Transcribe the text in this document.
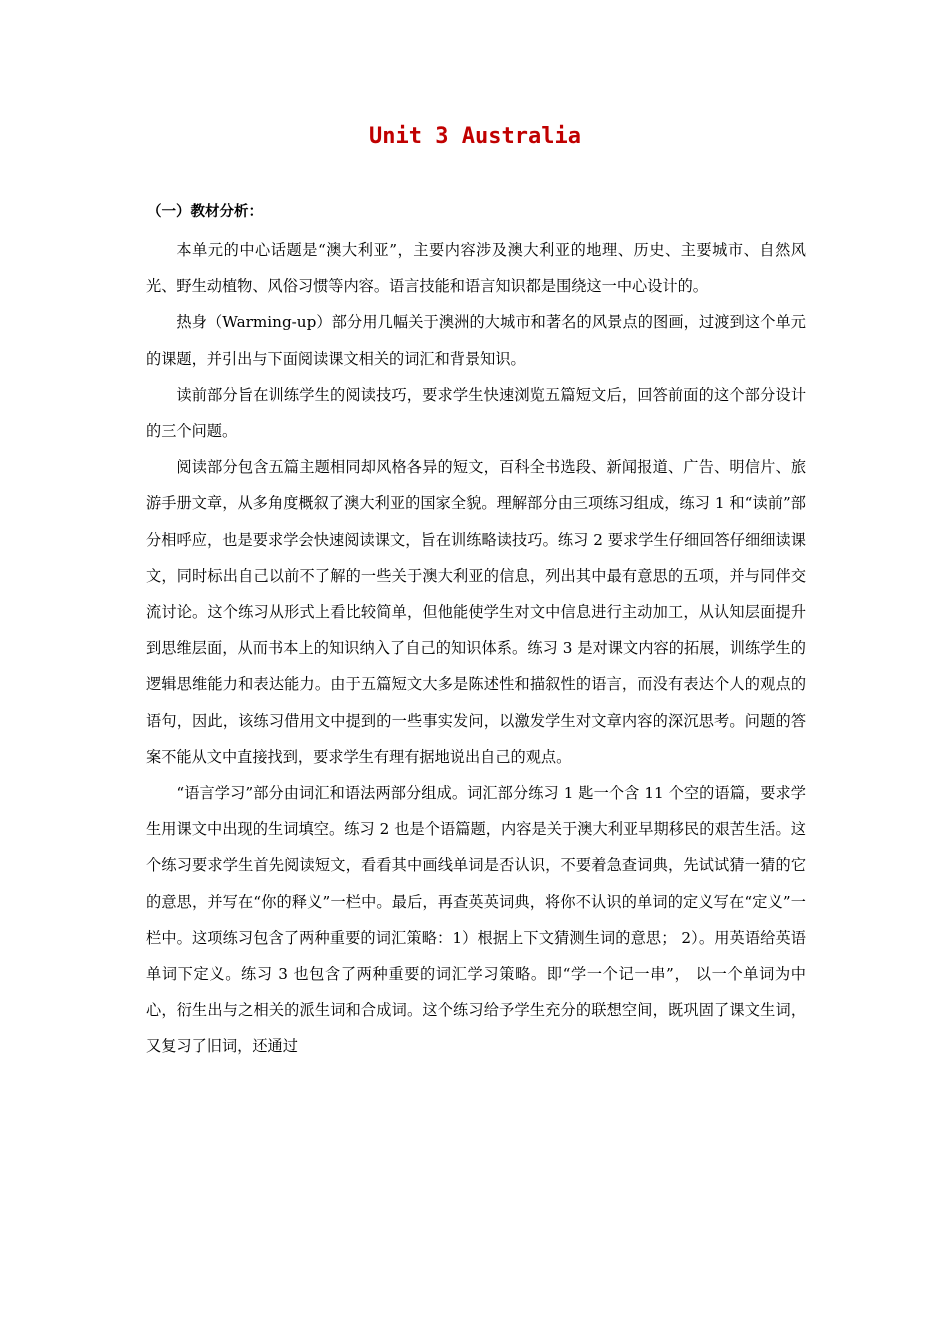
Unit 3 Australia
（一）教材分析：

本单元的中心话题是“澳大利亚”，主要内容涉及澳大利亚的地理、历史、主要城市、自然风光、野生动植物、风俗习惯等内容。语言技能和语言知识都是围绕这一中心设计的。

热身（Warming-up）部分用几幅关于澳洲的大城市和著名的风景点的图画，过渡到这个单元的课题，并引出与下面阅读课文相关的词汇和背景知识。

读前部分旨在训练学生的阅读技巧，要求学生快速浏览五篇短文后，回答前面的这个部分设计的三个问题。

阅读部分包含五篇主题相同却风格各异的短文，百科全书选段、新闻报道、广告、明信片、旅游手册文章，从多角度概叙了澳大利亚的国家全貌。理解部分由三项练习组成，练习 1 和“读前”部分相呼应，也是要求学会快速阅读课文，旨在训练略读技巧。练习 2 要求学生仔细回答仔细细读课文，同时标出自己以前不了解的一些关于澳大利亚的信息，列出其中最有意思的五项，并与同伴交流讨论。这个练习从形式上看比较简单，但他能使学生对文中信息进行主动加工，从认知层面提升到思维层面，从而书本上的知识纳入了自己的知识体系。练习 3 是对课文内容的拓展，训练学生的逻辑思维能力和表达能力。由于五篇短文大多是陈述性和描叙性的语言，而没有表达个人的观点的语句，因此，该练习借用文中提到的一些事实发问，以激发学生对文章内容的深沉思考。问题的答案不能从文中直接找到，要求学生有理有据地说出自己的观点。

“语言学习”部分由词汇和语法两部分组成。词汇部分练习 1 匙一个含 11 个空的语篇，要求学生用课文中出现的生词填空。练习 2 也是个语篇题，内容是关于澳大利亚早期移民的艰苦生活。这个练习要求学生首先阅读短文，看看其中画线单词是否认识，不要着急查词典，先试试猜一猜的它的意思，并写在“你的释义”一栏中。最后，再查英英词典，将你不认识的单词的定义写在“定义”一栏中。这项练习包含了两种重要的词汇策略：1）根据上下文猜测生词的意思； 2）。用英语给英语单词下定义。练习 3 也包含了两种重要的词汇学习策略。即“学一个记一串”， 以一个单词为中心，衍生出与之相关的派生词和合成词。这个练习给予学生充分的联想空间，既巩固了课文生词，又复习了旧词，还通过
